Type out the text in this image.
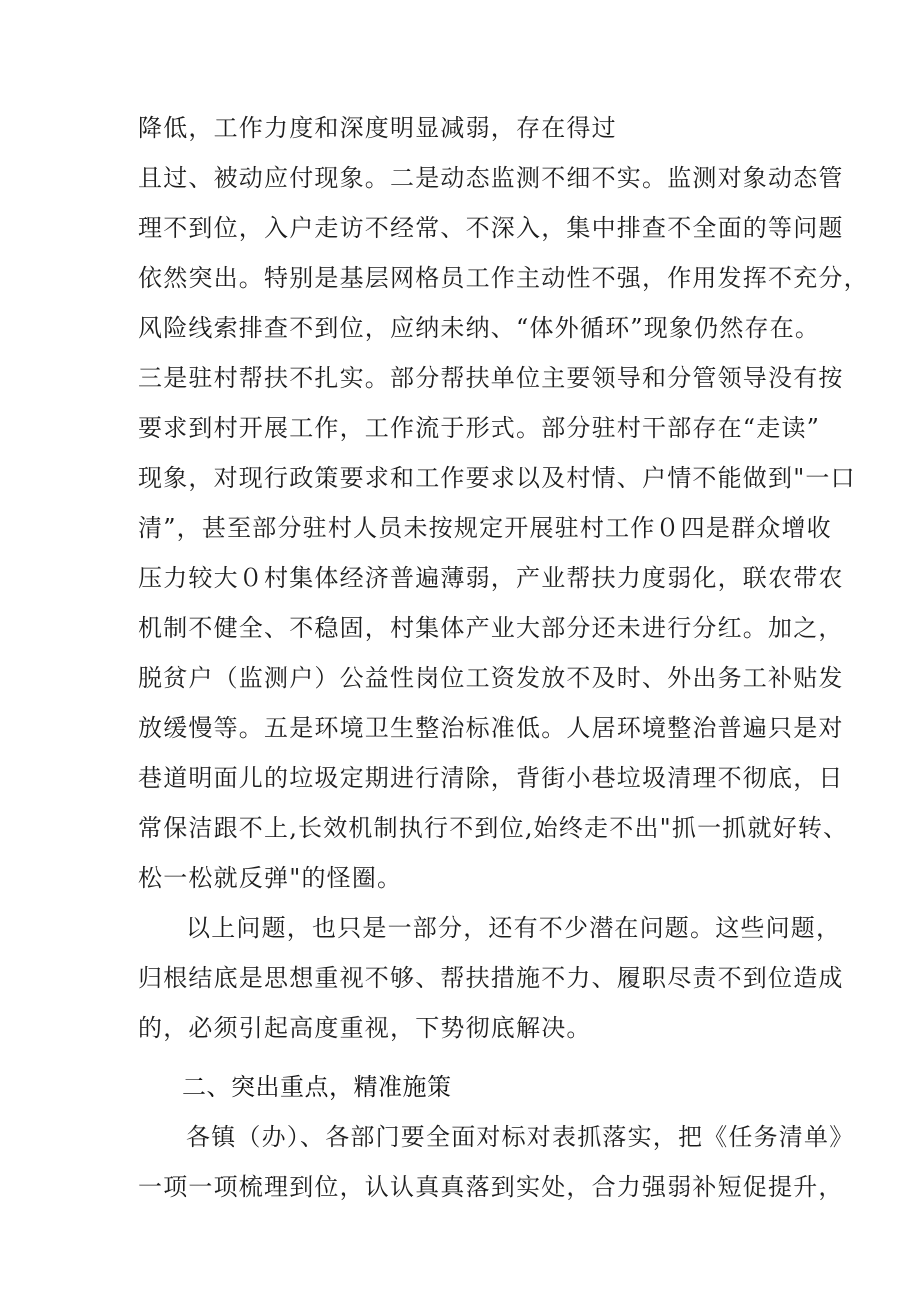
降低，工作力度和深度明显减弱，存在得过
且过、被动应付现象。二是动态监测不细不实。监测对象动态管
理不到位，入户走访不经常、不深入，集中排查不全面的等问题
依然突出。特别是基层网格员工作主动性不强，作用发挥不充分，
风险线索排查不到位，应纳未纳、“体外循环”现象仍然存在。
三是驻村帮扶不扎实。部分帮扶单位主要领导和分管领导没有按
要求到村开展工作，工作流于形式。部分驻村干部存在“走读”
现象，对现行政策要求和工作要求以及村情、户情不能做到"一口
清”，甚至部分驻村人员未按规定开展驻村工作０四是群众增收
压力较大０村集体经济普遍薄弱，产业帮扶力度弱化，联农带农
机制不健全、不稳固，村集体产业大部分还未进行分红。加之，
脱贫户（监测户）公益性岗位工资发放不及时、外出务工补贴发
放缓慢等。五是环境卫生整治标准低。人居环境整治普遍只是对
巷道明面儿的垃圾定期进行清除，背街小巷垃圾清理不彻底，日
常保洁跟不上,长效机制执行不到位,始终走不出"抓一抓就好转、
松一松就反弹"的怪圈。
以上问题，也只是一部分，还有不少潜在问题。这些问题，
归根结底是思想重视不够、帮扶措施不力、履职尽责不到位造成
的，必须引起高度重视，下势彻底解决。
二、突出重点，精准施策
各镇（办）、各部门要全面对标对表抓落实，把《任务清单》
一项一项梳理到位，认认真真落到实处，合力强弱补短促提升，
